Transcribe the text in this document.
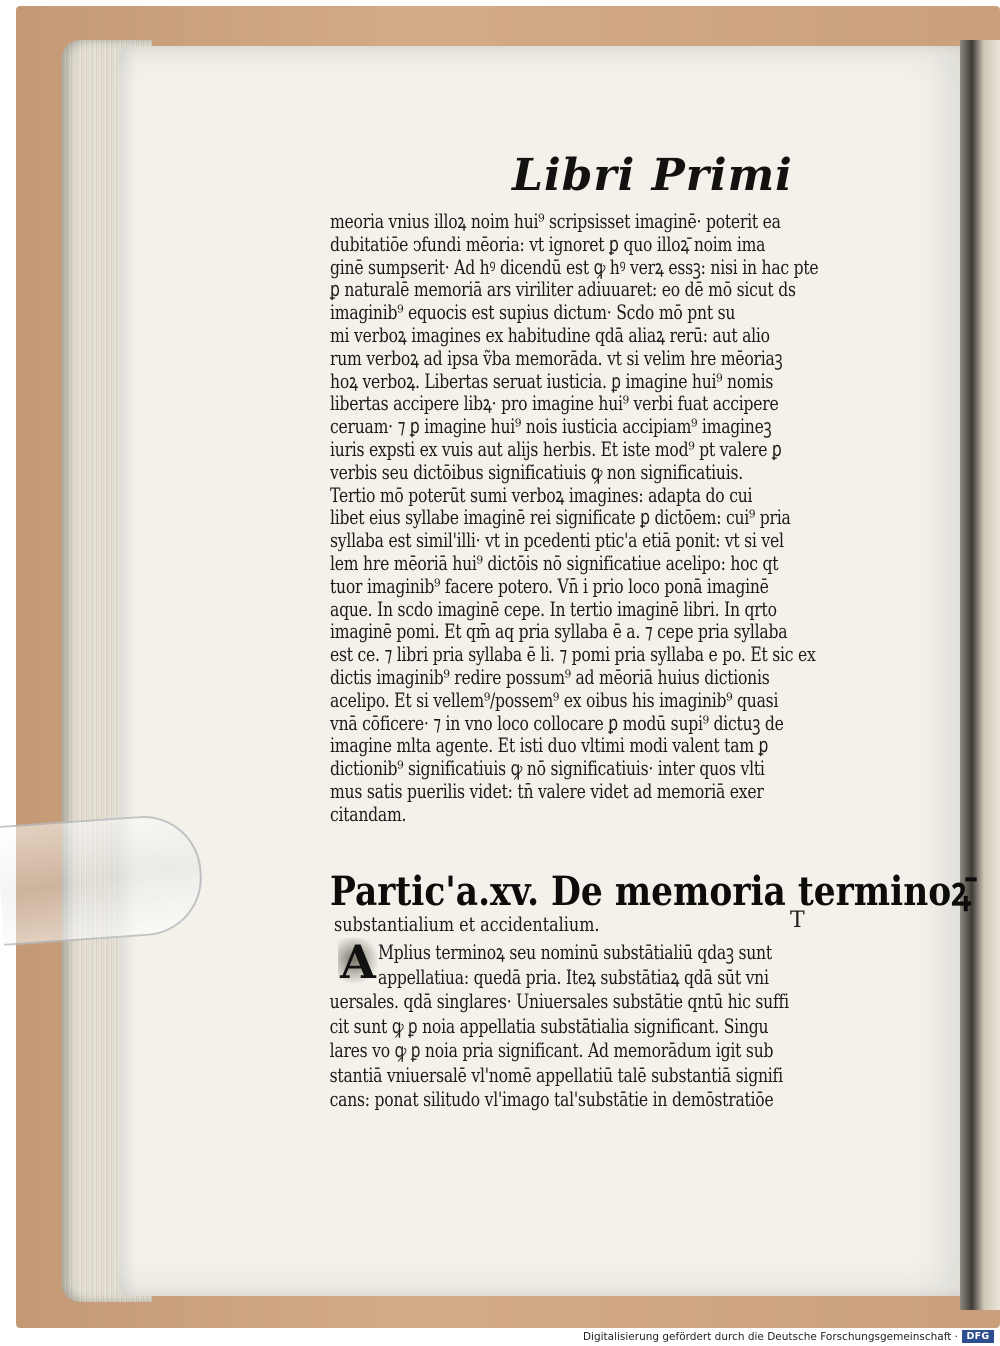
Libri Primi
meoria vnius illoꝝ noim hui⁹ scripsisset imaginē· poterit ea
dubitatiōe ↄfundi mēoria: vt ignoret ꝑ quo illoꝝ̄ noim ima
ginē sumpserit· Ad hꝰ dicendū est ꝙ hꝰ verꝝ essꝫ: nisi in hac pte
ꝑ naturalē memoriā ars viriliter adiuuaret: eo dē mō sicut ds
imaginib⁹ equocis est supius dictum· Scdo mō pnt su
mi verboꝝ imagines ex habitudine qdā aliaꝝ rerū: aut alio
rum verboꝝ ad ipsa ṽba memorāda. vt si velim hre mēoriaꝫ
hoꝝ verboꝝ. Libertas seruat iusticia. ꝑ imagine hui⁹ nomis
libertas accipere libꝝ· pro imagine hui⁹ verbi fuat accipere
ceruam· ⁊ ꝑ imagine hui⁹ nois iusticia accipiam⁹ imagineꝫ
iuris expsti ex vuis aut alijs herbis. Et iste mod⁹ pt valere ꝑ
verbis seu dictōibus significatiuis ꝙ non significatiuis.
Tertio mō poterūt sumi verboꝝ imagines: adapta do cui
libet eius syllabe imaginē rei significate ꝑ dictōem: cui⁹ pria
syllaba est simil'illi· vt in pcedenti ptic'a etiā ponit: vt si vel
lem hre mēoriā hui⁹ dictōis nō significatiue acelipo: hoc qt
tuor imaginib⁹ facere potero. Vn̄ i prio loco ponā imaginē
aque. In scdo imaginē cepe. In tertio imaginē libri. In qrto
imaginē pomi. Et qm̄ aq pria syllaba ē a. ⁊ cepe pria syllaba
est ce. ⁊ libri pria syllaba ē li. ⁊ pomi pria syllaba e po. Et sic ex
dictis imaginib⁹ redire possum⁹ ad mēoriā huius dictionis
acelipo. Et si vellem⁹/possem⁹ ex oibus his imaginib⁹ quasi
vnā cōficere· ⁊ in vno loco collocare ꝑ modū supi⁹ dictuꝫ de
imagine mlta agente. Et isti duo vltimi modi valent tam ꝑ
dictionib⁹ significatiuis ꝙ nō significatiuis· inter quos vlti
mus satis puerilis videt: tn̄ valere videt ad memoriā exer
citandam.
Partic'a.xv. De memoria terminoꝝ̄
substantialium et accidentalium.	T
A Mplius terminoꝝ seu nominū substātialiū qdaꝫ sunt
appellatiua: quedā pria. Iteꝝ substātiaꝝ qdā sūt vni
uersales. qdā singlares· Uniuersales substātie qntū hic suffi
cit sunt ꝙ ꝑ noia appellatia substātialia significant. Singu
lares vo ꝙ ꝑ noia pria significant. Ad memorādum igit sub
stantiā vniuersalē vl'nomē appellatiū talē substantiā signifi
cans: ponat silitudo vl'imago tal'substātie in demōstratiōe
Digitalisierung gefördert durch die Deutsche Forschungsgemeinschaft · DFG
